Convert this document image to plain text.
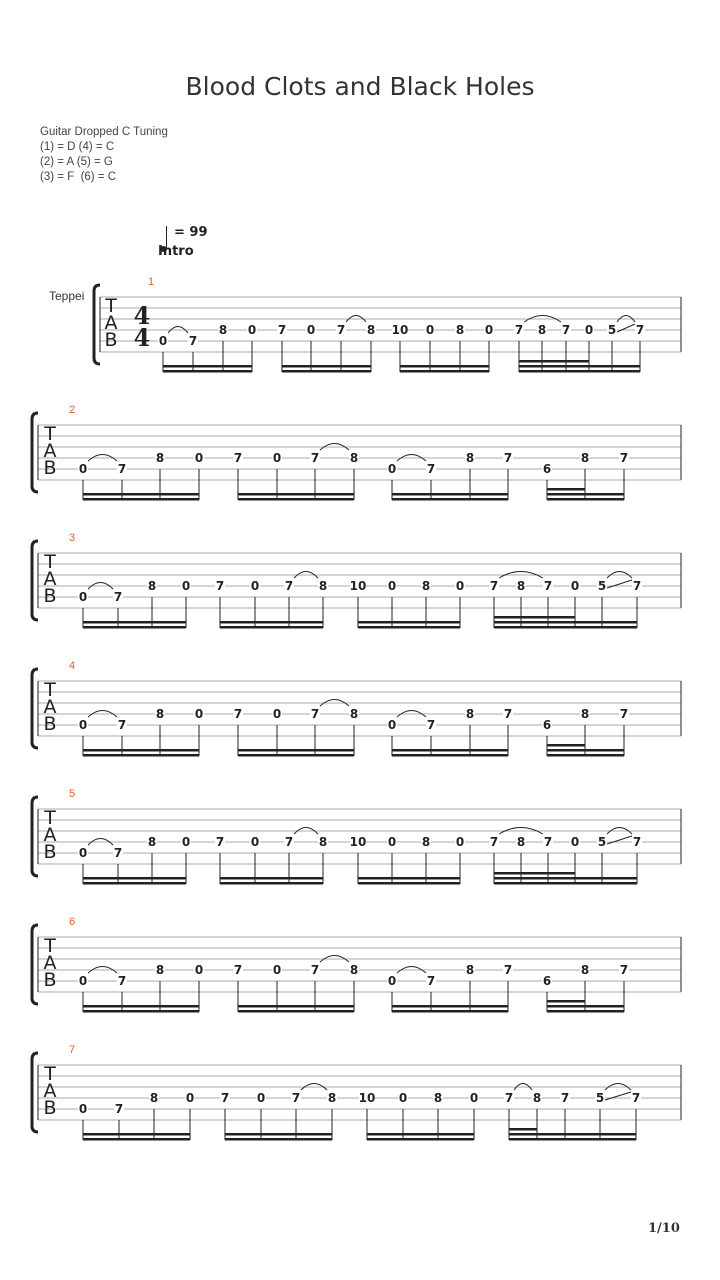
Blood Clots and Black Holes
Guitar Dropped C Tuning
(1) = D (4) = C
(2) = A (5) = G
(3) = F  (6) = C
= 99
Intro
Teppei T
A
B
4
4
1
0 7
8 0 7 0 7 8 10 0 8 0 7 8 7 0 5 7
T
A
B
2
0	7
8	0	7	0 7	8
0	7
8 7
6
8	7
T
A
B
3
0 7
8 0 7 0 7 8 10 0 8 0 7 8 7 0 5 7
T
A
B
4
0	7
8	0	7	0 7	8
0	7
8 7
6
8	7
T
A
B
5
0 7
8 0 7 0 7 8 10 0 8 0 7 8 7 0 5 7
T
A
B
6
0	7
8	0	7	0 7	8
0	7
8 7
6
8	7
T
A
B
7
0 7
8 0 7 0 7 8 10 0 8 0 7 8 7 5 7
1/10
